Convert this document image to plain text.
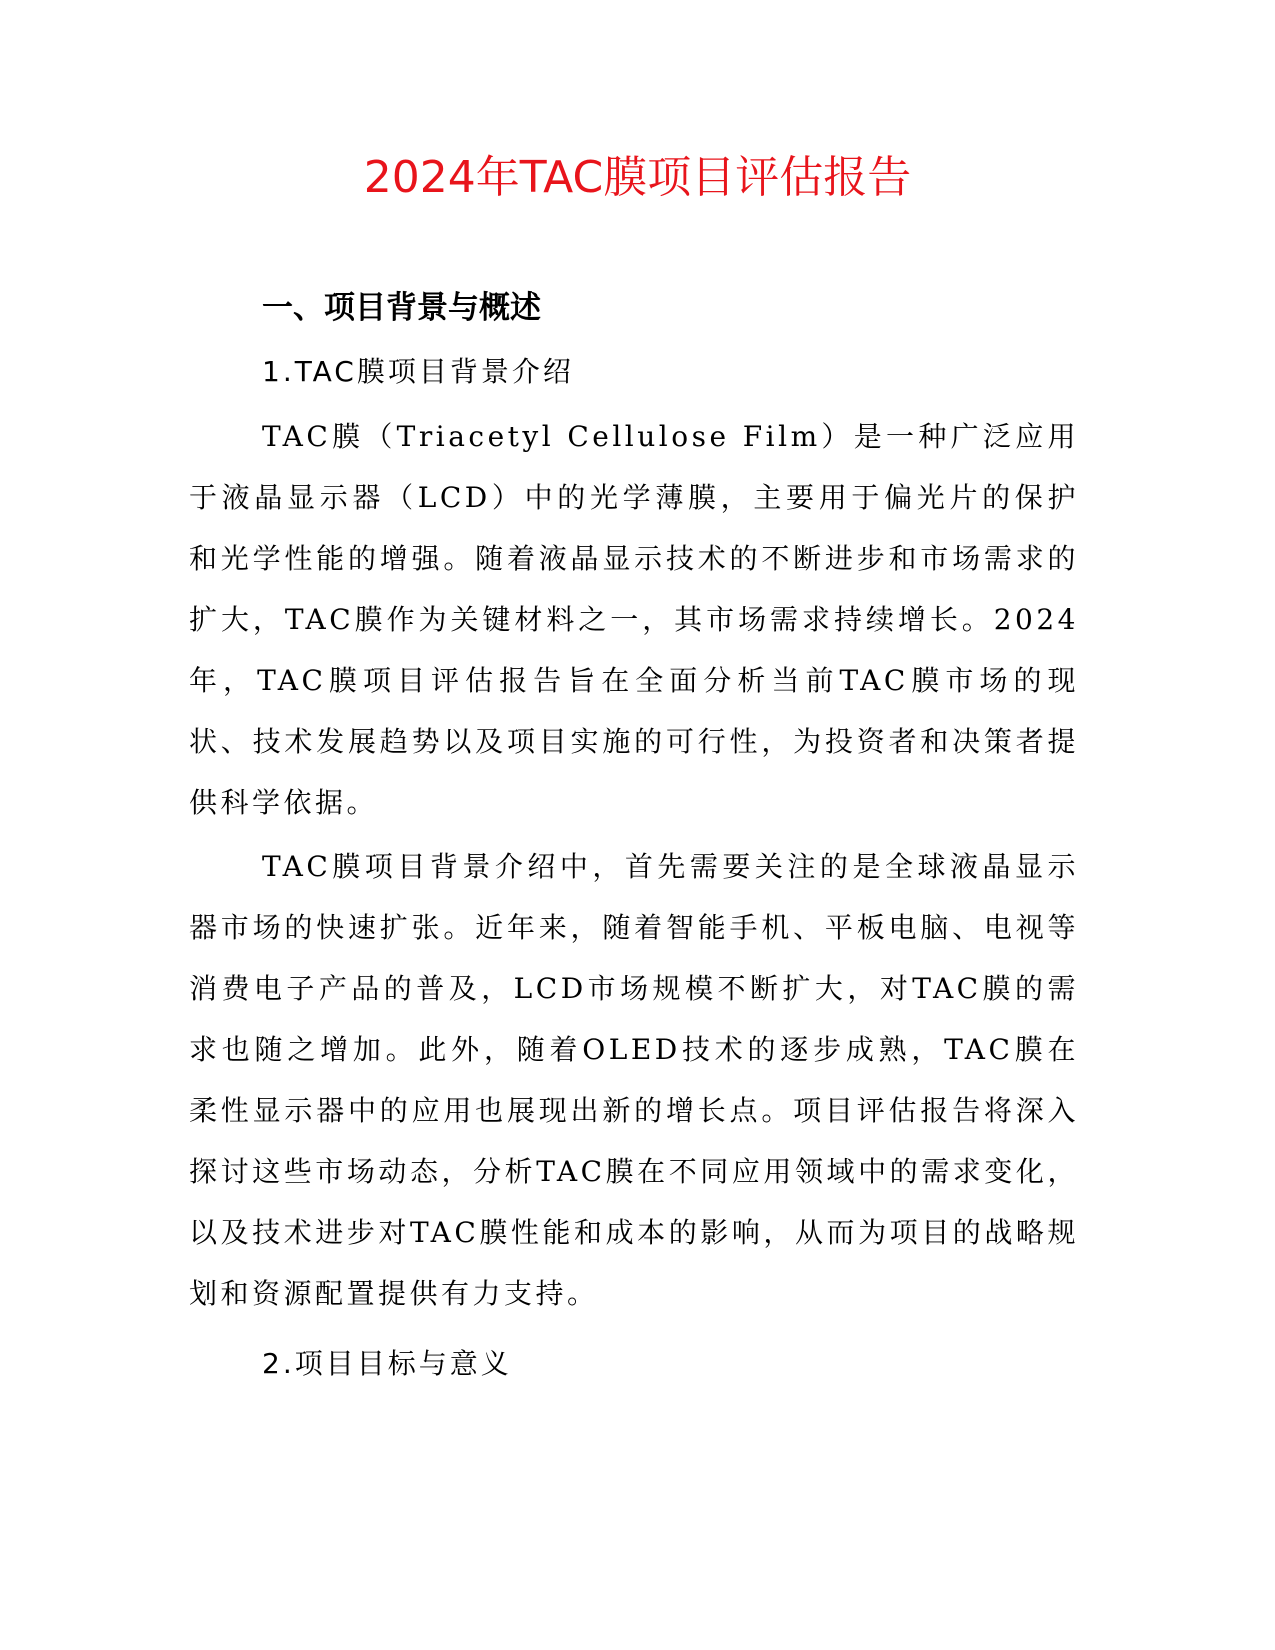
2024年TAC膜项目评估报告
一、项目背景与概述
1.TAC膜项目背景介绍

TAC膜（Triacetyl Cellulose Film）是一种广泛应用于液晶显示器（LCD）中的光学薄膜，主要用于偏光片的保护和光学性能的增强。随着液晶显示技术的不断进步和市场需求的扩大，TAC膜作为关键材料之一，其市场需求持续增长。2024年，TAC膜项目评估报告旨在全面分析当前TAC膜市场的现状、技术发展趋势以及项目实施的可行性，为投资者和决策者提供科学依据。

TAC膜项目背景介绍中，首先需要关注的是全球液晶显示器市场的快速扩张。近年来，随着智能手机、平板电脑、电视等消费电子产品的普及，LCD市场规模不断扩大，对TAC膜的需求也随之增加。此外，随着OLED技术的逐步成熟，TAC膜在柔性显示器中的应用也展现出新的增长点。项目评估报告将深入探讨这些市场动态，分析TAC膜在不同应用领域中的需求变化，以及技术进步对TAC膜性能和成本的影响，从而为项目的战略规划和资源配置提供有力支持。

2.项目目标与意义
